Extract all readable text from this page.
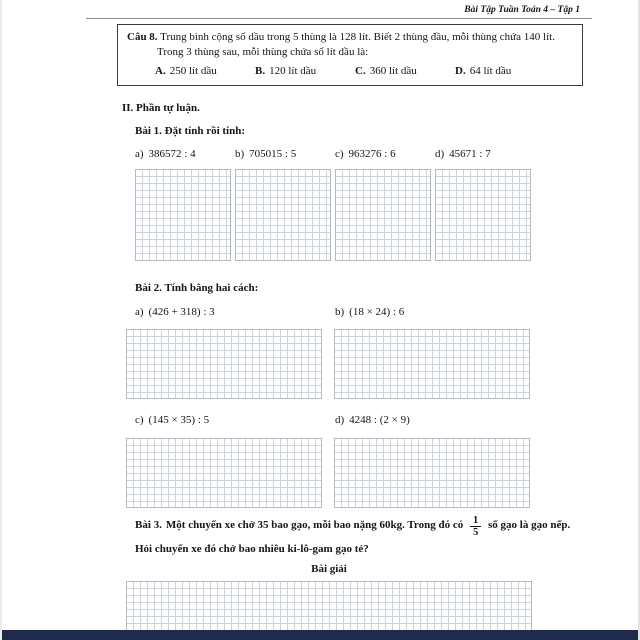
Bài Tập Tuần Toán 4 – Tập 1

Câu 8. Trung bình cộng số dầu trong 5 thùng là 128 lít. Biết 2 thùng đầu, mỗi thùng chứa 140 lít. Trong 3 thùng sau, mỗi thùng chứa số lít dầu là:

A. 250 lít dầu	B. 120 lít dầu	C. 360 lít dầu	D. 64 lít dầu

II. Phần tự luận.

Bài 1. Đặt tính rồi tính:

a) 386572 : 4	b) 705015 : 5	c) 963276 : 6	d) 45671 : 7

Bài 2. Tính bằng hai cách:

a) (426 + 318) : 3	b) (18 × 24) : 6
c) (145 × 35) : 5	d) 4248 : (2 × 9)

Bài 3. Một chuyến xe chở 35 bao gạo, mỗi bao nặng 60kg. Trong đó có $\frac{1}{5}$ số gạo là gạo nếp. Hỏi chuyến xe đó chở bao nhiêu ki-lô-gam gạo tẻ?

Bài giải
